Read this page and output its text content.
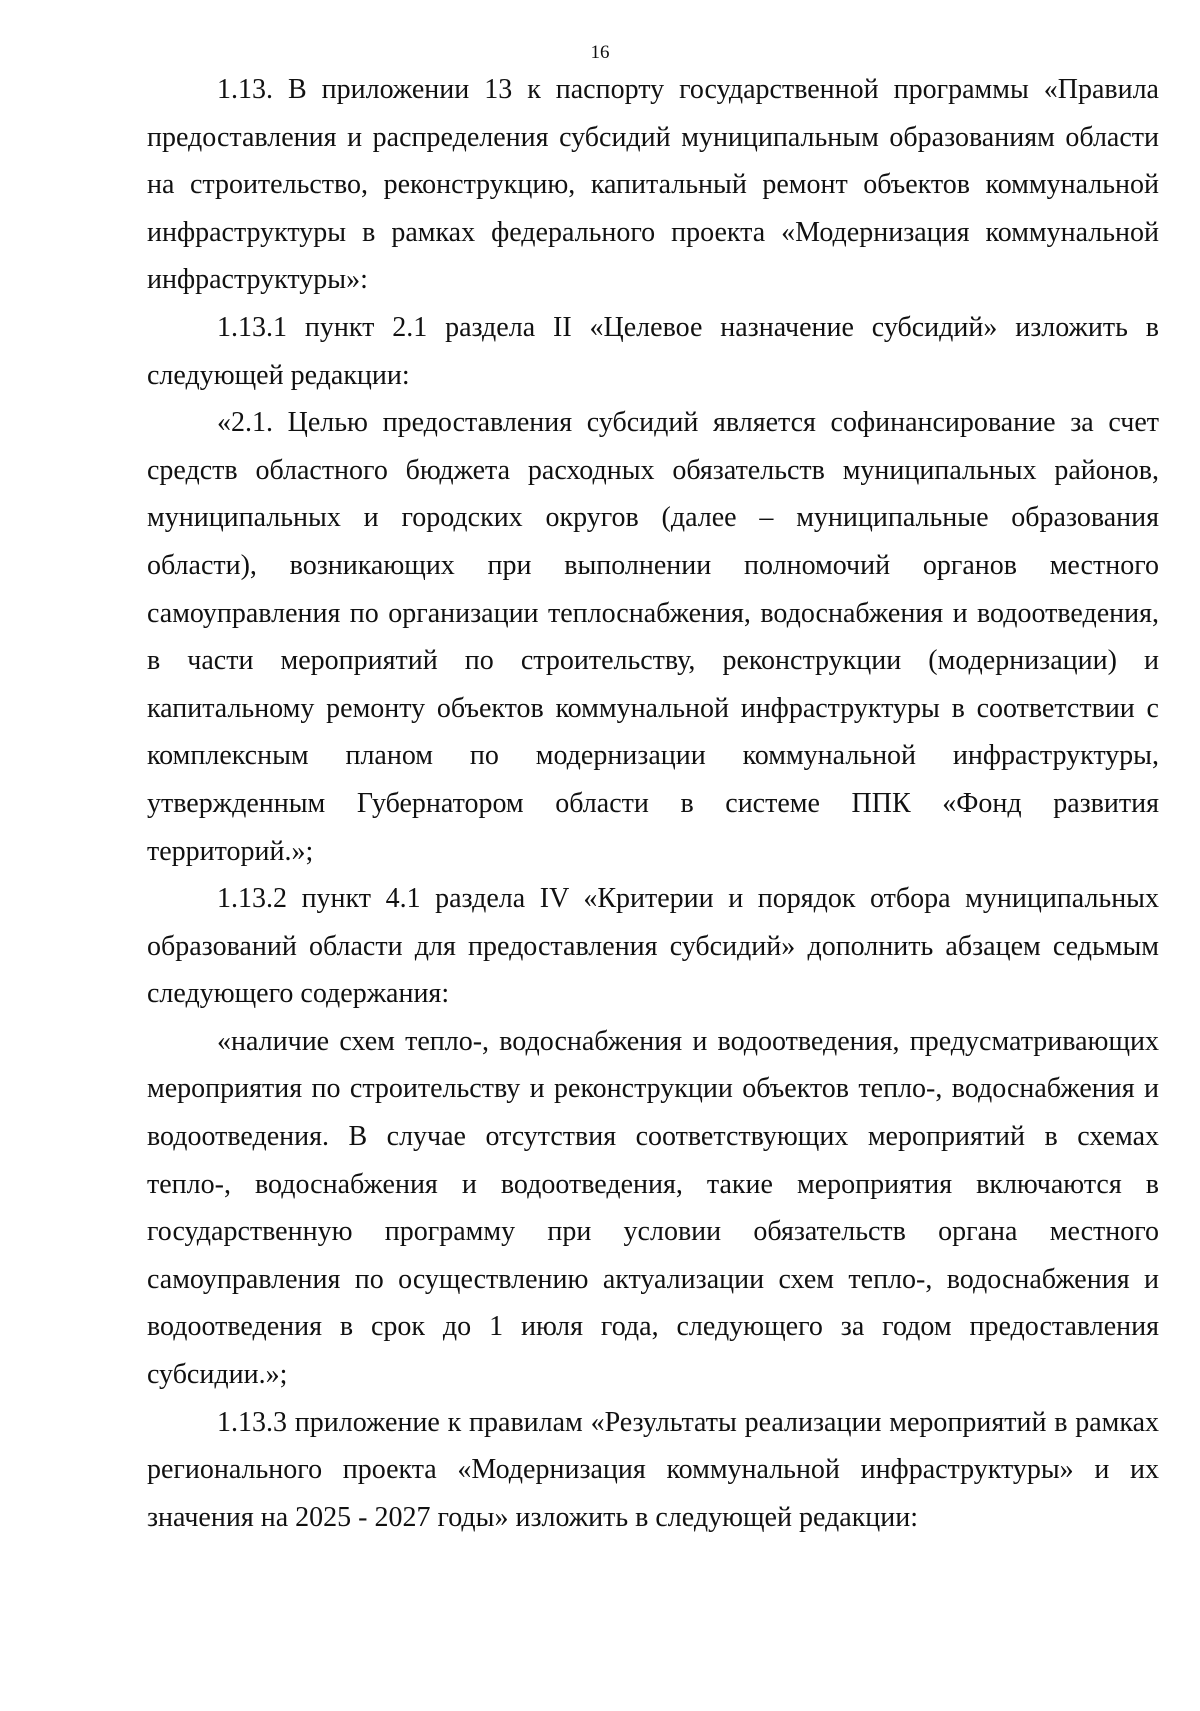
16

1.13. В приложении 13 к паспорту государственной программы «Правила предоставления и распределения субсидий муниципальным образованиям области на строительство, реконструкцию, капитальный ремонт объектов коммунальной инфраструктуры в рамках федерального проекта «Модернизация коммунальной инфраструктуры»:

1.13.1 пункт 2.1 раздела II «Целевое назначение субсидий» изложить в следующей редакции:

«2.1. Целью предоставления субсидий является софинансирование за счет средств областного бюджета расходных обязательств муниципальных районов, муниципальных и городских округов (далее – муниципальные образования области), возникающих при выполнении полномочий органов местного самоуправления по организации теплоснабжения, водоснабжения и водоотведения, в части мероприятий по строительству, реконструкции (модернизации) и капитальному ремонту объектов коммунальной инфраструктуры в соответствии с комплексным планом по модернизации коммунальной инфраструктуры, утвержденным Губернатором области в системе ППК «Фонд развития территорий.»;

1.13.2 пункт 4.1 раздела IV «Критерии и порядок отбора муниципальных образований области для предоставления субсидий» дополнить абзацем седьмым следующего содержания:

«наличие схем тепло-, водоснабжения и водоотведения, предусматривающих мероприятия по строительству и реконструкции объектов тепло-, водоснабжения и водоотведения. В случае отсутствия соответствующих мероприятий в схемах тепло-, водоснабжения и водоотведения, такие мероприятия включаются в государственную программу при условии обязательств органа местного самоуправления по осуществлению актуализации схем тепло-, водоснабжения и водоотведения в срок до 1 июля года, следующего за годом предоставления субсидии.»;

1.13.3 приложение к правилам «Результаты реализации мероприятий в рамках регионального проекта «Модернизация коммунальной инфраструктуры» и их значения на 2025 - 2027 годы» изложить в следующей редакции:
